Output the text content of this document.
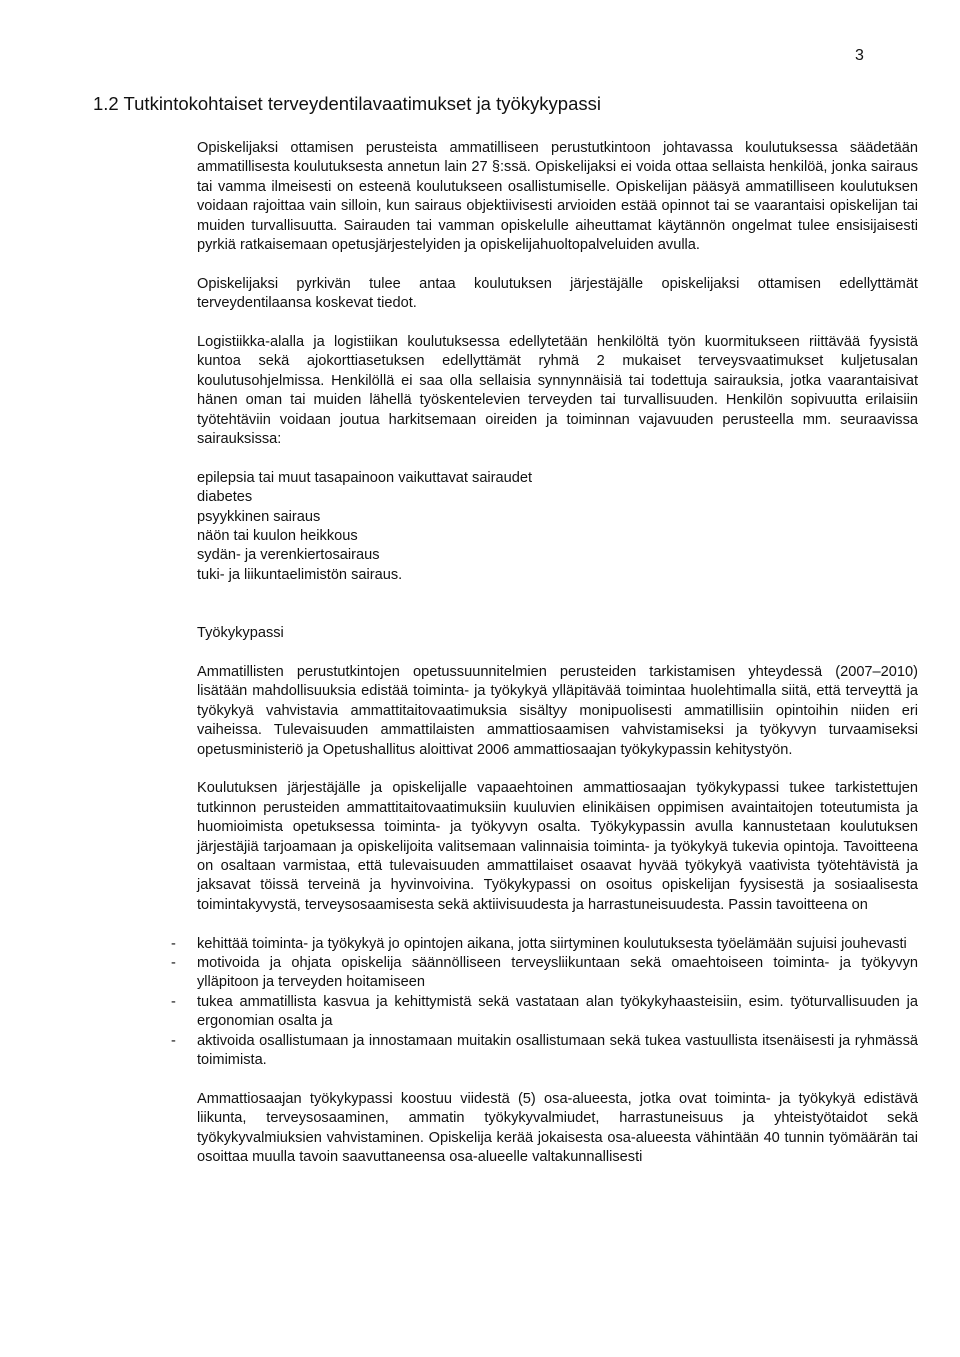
3
1.2 Tutkintokohtaiset terveydentilavaatimukset ja työkykypassi

Opiskelijaksi ottamisen perusteista ammatilliseen perustutkintoon johtavassa koulutuksessa säädetään ammatillisesta koulutuksesta annetun lain 27 §:ssä. Opiskelijaksi ei voida ottaa sellaista henkilöä, jonka sairaus tai vamma ilmeisesti on esteenä koulutukseen osallistumiselle. Opiskelijan pääsyä ammatilliseen koulutuksen voidaan rajoittaa vain silloin, kun sairaus objektiivisesti arvioiden estää opinnot tai se vaarantaisi opiskelijan tai muiden turvallisuutta. Sairauden tai vamman opiskelulle aiheuttamat käytännön ongelmat tulee ensisijaisesti pyrkiä ratkaisemaan opetusjärjestelyiden ja opiskelijahuoltopalveluiden avulla.

Opiskelijaksi pyrkivän tulee antaa koulutuksen järjestäjälle opiskelijaksi ottamisen edellyttämät terveydentilaansa koskevat tiedot.

Logistiikka-alalla ja logistiikan koulutuksessa edellytetään henkilöltä työn kuormitukseen riittävää fyysistä kuntoa sekä ajokorttiasetuksen edellyttämät ryhmä 2 mukaiset terveysvaatimukset kuljetusalan koulutusohjelmissa. Henkilöllä ei saa olla sellaisia synnynnäisiä tai todettuja sairauksia, jotka vaarantaisivat hänen oman tai muiden lähellä työskentelevien terveyden tai turvallisuuden. Henkilön sopivuutta erilaisiin työtehtäviin voidaan joutua harkitsemaan oireiden ja toiminnan vajavuuden perusteella mm. seuraavissa sairauksissa:

epilepsia tai muut tasapainoon vaikuttavat sairaudet
diabetes
psyykkinen sairaus
näön tai kuulon heikkous
sydän- ja verenkiertosairaus
tuki- ja liikuntaelimistön sairaus.
Työkykypassi

Ammatillisten perustutkintojen opetussuunnitelmien perusteiden tarkistamisen yhteydessä (2007–2010) lisätään mahdollisuuksia edistää toiminta- ja työkykyä ylläpitävää toimintaa huolehtimalla siitä, että terveyttä ja työkykyä vahvistavia ammattitaitovaatimuksia sisältyy monipuolisesti ammatillisiin opintoihin niiden eri vaiheissa. Tulevaisuuden ammattilaisten ammattiosaamisen vahvistamiseksi ja työkyvyn turvaamiseksi opetusministeriö ja Opetushallitus aloittivat 2006 ammattiosaajan työkykypassin kehitystyön.

Koulutuksen järjestäjälle ja opiskelijalle vapaaehtoinen ammattiosaajan työkykypassi tukee tarkistettujen tutkinnon perusteiden ammattitaitovaatimuksiin kuuluvien elinikäisen oppimisen avaintaitojen toteutumista ja huomioimista opetuksessa toiminta- ja työkyvyn osalta. Työkykypassin avulla kannustetaan koulutuksen järjestäjiä tarjoamaan ja opiskelijoita valitsemaan valinnaisia toiminta- ja työkykyä tukevia opintoja. Tavoitteena on osaltaan varmistaa, että tulevaisuuden ammattilaiset osaavat hyvää työkykyä vaativista työtehtävistä ja jaksavat töissä terveinä ja hyvinvoivina. Työkykypassi on osoitus opiskelijan fyysisestä ja sosiaalisesta toimintakyvystä, terveysosaamisesta sekä aktiivisuudesta ja harrastuneisuudesta. Passin tavoitteena on

- kehittää toiminta- ja työkykyä jo opintojen aikana, jotta siirtyminen koulutuksesta työelämään sujuisi jouhevasti
- motivoida ja ohjata opiskelija säännölliseen terveysliikuntaan sekä omaehtoiseen toiminta- ja työkyvyn ylläpitoon ja terveyden hoitamiseen
- tukea ammatillista kasvua ja kehittymistä sekä vastataan alan työkykyhaasteisiin, esim. työturvallisuuden ja ergonomian osalta ja
- aktivoida osallistumaan ja innostamaan muitakin osallistumaan sekä tukea vastuullista itsenäisesti ja ryhmässä toimimista.

Ammattiosaajan työkykypassi koostuu viidestä (5) osa-alueesta, jotka ovat toiminta- ja työkykyä edistävä liikunta, terveysosaaminen, ammatin työkykyvalmiudet, harrastuneisuus ja yhteistyötaidot sekä työkykyvalmiuksien vahvistaminen. Opiskelija kerää jokaisesta osa-alueesta vähintään 40 tunnin työmäärän tai osoittaa muulla tavoin saavuttaneensa osa-alueelle valtakunnallisesti
